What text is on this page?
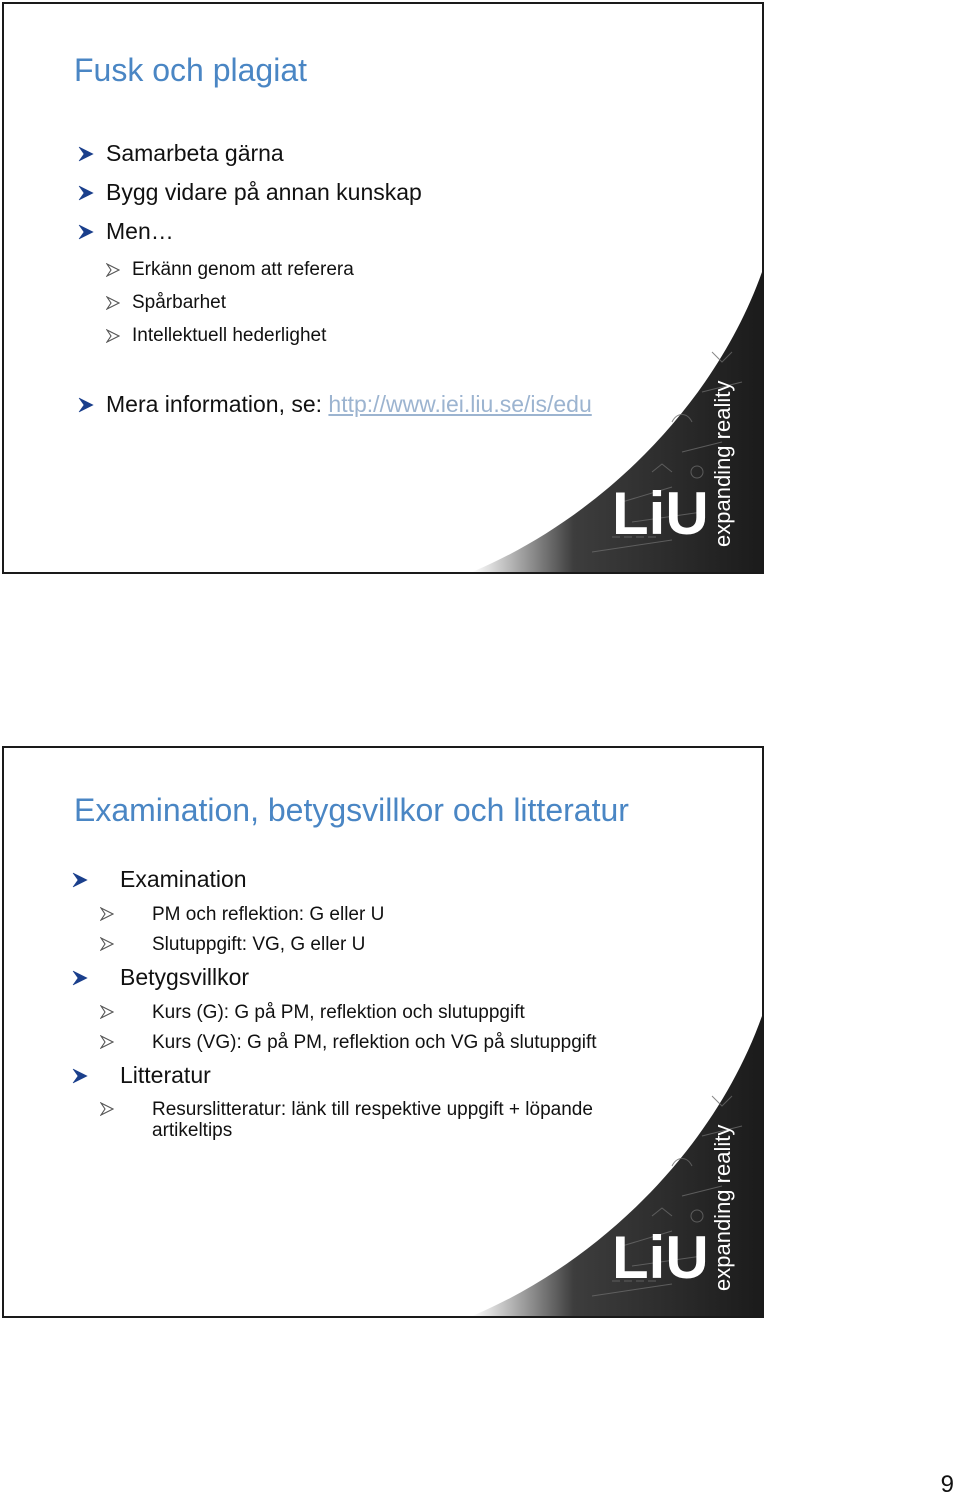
Fusk och plagiat
Samarbeta gärna
Bygg vidare på annan kunskap
Men…
Erkänn genom att referera
Spårbarhet
Intellektuell hederlighet
Mera information, se: http://www.iei.liu.se/is/edu
LiU expanding reality
Examination, betygsvillkor och litteratur
Examination
PM och reflektion: G eller U
Slutuppgift: VG, G eller U
Betygsvillkor
Kurs (G): G på PM, reflektion och slutuppgift
Kurs (VG): G på PM, reflektion och VG på slutuppgift
Litteratur
Resurslitteratur: länk till respektive uppgift + löpande
artikeltips
LiU expanding reality
9
